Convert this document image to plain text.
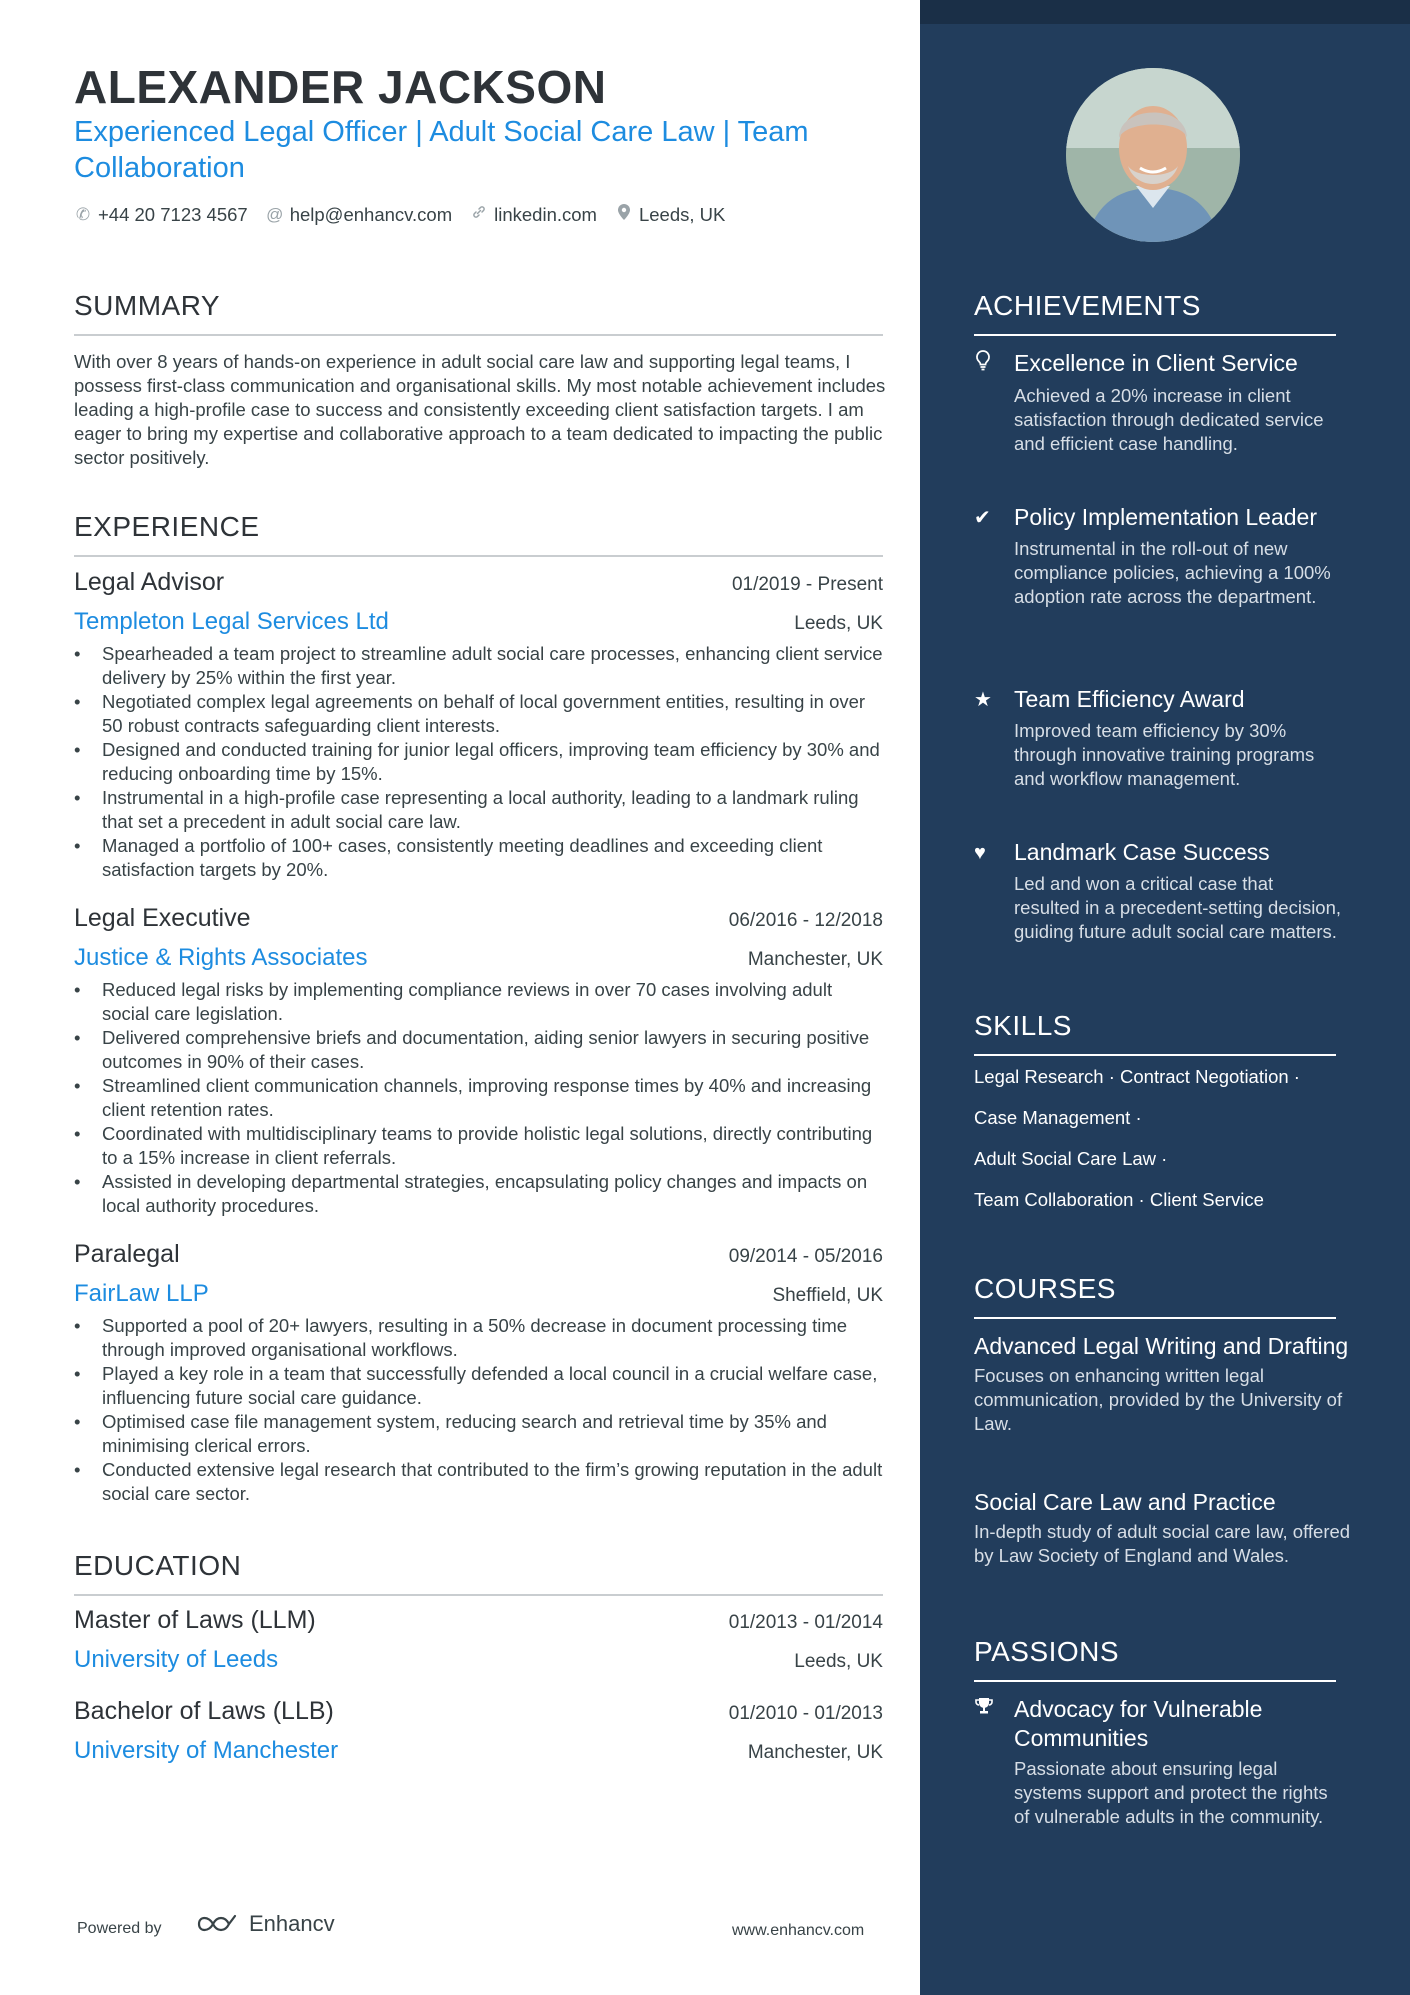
ALEXANDER JACKSON
Experienced Legal Officer | Adult Social Care Law | Team Collaboration
✆ +44 20 7123 4567 @ help@enhancv.com linkedin.com Leeds, UK
SUMMARY
With over 8 years of hands-on experience in adult social care law and supporting legal teams, I possess first-class communication and organisational skills. My most notable achievement includes leading a high-profile case to success and consistently exceeding client satisfaction targets. I am eager to bring my expertise and collaborative approach to a team dedicated to impacting the public sector positively.
EXPERIENCE
Legal Advisor	01/2019 - Present
Templeton Legal Services Ltd	Leeds, UK
• Spearheaded a team project to streamline adult social care processes, enhancing client service delivery by 25% within the first year.
• Negotiated complex legal agreements on behalf of local government entities, resulting in over 50 robust contracts safeguarding client interests.
• Designed and conducted training for junior legal officers, improving team efficiency by 30% and reducing onboarding time by 15%.
• Instrumental in a high-profile case representing a local authority, leading to a landmark ruling that set a precedent in adult social care law.
• Managed a portfolio of 100+ cases, consistently meeting deadlines and exceeding client satisfaction targets by 20%.
Legal Executive	06/2016 - 12/2018
Justice & Rights Associates	Manchester, UK
• Reduced legal risks by implementing compliance reviews in over 70 cases involving adult social care legislation.
• Delivered comprehensive briefs and documentation, aiding senior lawyers in securing positive outcomes in 90% of their cases.
• Streamlined client communication channels, improving response times by 40% and increasing client retention rates.
• Coordinated with multidisciplinary teams to provide holistic legal solutions, directly contributing to a 15% increase in client referrals.
• Assisted in developing departmental strategies, encapsulating policy changes and impacts on local authority procedures.
Paralegal	09/2014 - 05/2016
FairLaw LLP	Sheffield, UK
• Supported a pool of 20+ lawyers, resulting in a 50% decrease in document processing time through improved organisational workflows.
• Played a key role in a team that successfully defended a local council in a crucial welfare case, influencing future social care guidance.
• Optimised case file management system, reducing search and retrieval time by 35% and minimising clerical errors.
• Conducted extensive legal research that contributed to the firm’s growing reputation in the adult social care sector.
EDUCATION
Master of Laws (LLM)	01/2013 - 01/2014
University of Leeds	Leeds, UK
Bachelor of Laws (LLB)	01/2010 - 01/2013
University of Manchester	Manchester, UK
Powered by	Enhancv	www.enhancv.com
ACHIEVEMENTS
Excellence in Client Service
Achieved a 20% increase in client satisfaction through dedicated service and efficient case handling.
✔	Policy Implementation Leader
Instrumental in the roll-out of new compliance policies, achieving a 100% adoption rate across the department.
★ Team Efficiency Award
Improved team efficiency by 30% through innovative training programs and workflow management.
♥	Landmark Case Success
Led and won a critical case that resulted in a precedent-setting decision, guiding future adult social care matters.
SKILLS
Legal Research · Contract Negotiation ·
Case Management ·
Adult Social Care Law ·
Team Collaboration · Client Service
COURSES
Advanced Legal Writing and Drafting
Focuses on enhancing written legal communication, provided by the University of Law.
Social Care Law and Practice
In-depth study of adult social care law, offered by Law Society of England and Wales.
PASSIONS
Advocacy for Vulnerable Communities
Passionate about ensuring legal systems support and protect the rights of vulnerable adults in the community.
